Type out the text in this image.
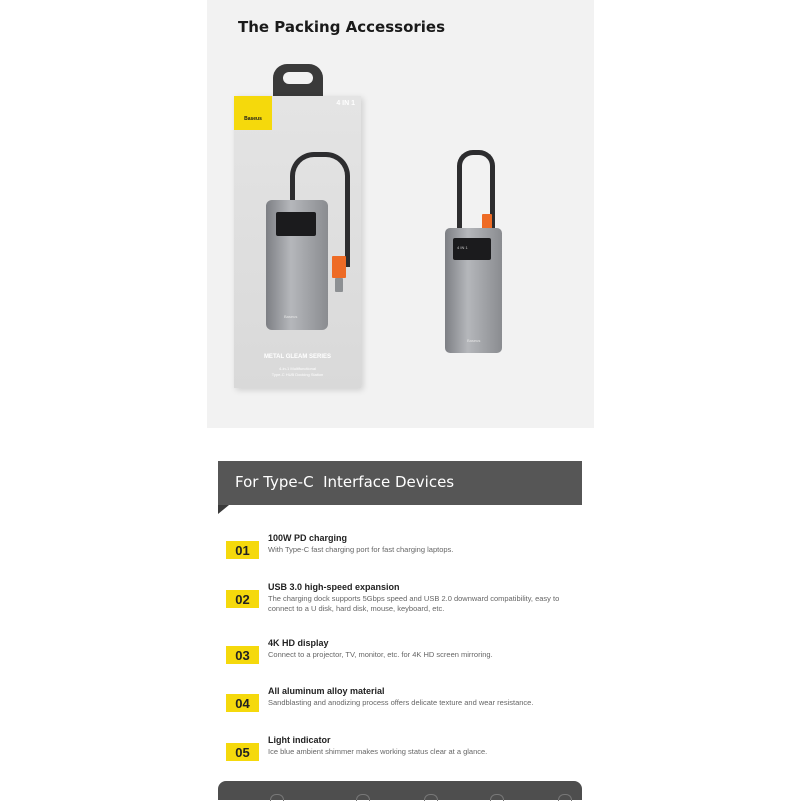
The Packing Accessories
Baseus
4 IN 1
Baseus
METAL GLEAM SERIES
4-in-1 Multifunctional
Type-C HUB Docking Station
4 IN 1
Baseus
For Type-C  Interface Devices
01
100W PD charging
With Type-C fast charging port for fast charging laptops.
02
USB 3.0 high-speed expansion
The charging dock supports 5Gbps speed and USB 2.0 downward compatibility, easy to connect to a U disk, hard disk, mouse, keyboard, etc.
03
4K HD display
Connect to a projector, TV, monitor, etc. for 4K HD screen mirroring.
04
All aluminum alloy material
Sandblasting and anodizing process offers delicate texture and wear resistance.
05
Light indicator
Ice blue ambient shimmer makes working status clear at a glance.
